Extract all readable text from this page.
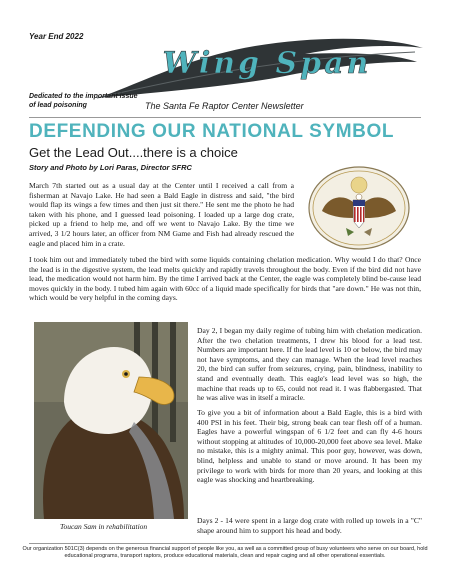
Year End 2022
Wing Span
Dedicated to the important issue of lead poisoning	The Santa Fe Raptor Center Newsletter
DEFENDING OUR NATIONAL SYMBOL
Get the Lead Out....there is a choice
Story and Photo by Lori Paras, Director SFRC

March 7th started out as a usual day at the Center until I received a call from a fisherman at Navajo Lake. He had seen a Bald Eagle in distress and said, "the bird would flap its wings a few times and then just sit there." He sent me the photo he had taken with his phone, and I guessed lead poisoning. I loaded up a large dog crate, picked up a friend to help me, and off we went to Navajo Lake. By the time we arrived, 3 1/2 hours later, an officer from NM Game and Fish had already rescued the eagle and placed him in a crate.

I took him out and immediately tubed the bird with some liquids containing chelation medication. Why would I do that? Once the lead is in the digestive system, the lead melts quickly and rapidly travels throughout the body. Even if the bird did not have lead, the medication would not harm him. By the time I arrived back at the Center, the eagle was completely blind be-cause lead moves quickly in the body. I tubed him again with 60cc of a liquid made specifically for birds that "are down." He was not thin, which would be very helpful in the coming days.

Toucan Sam in rehabilitation

Day 2, I began my daily regime of tubing him with chelation medication. After the two chelation treatments, I drew his blood for a lead test. Numbers are important here. If the lead level is 10 or below, the bird may not have symptoms, and they can manage. When the lead level reaches 20, the bird can suffer from seizures, crying, pain, blindness, inability to stand and eventually death. This eagle's lead level was so high, the machine that reads up to 65, could not read it. I was flabbergasted. That he was alive was in itself a miracle.

To give you a bit of information about a Bald Eagle, this is a bird with 400 PSI in his feet. Their big, strong beak can tear flesh off of a human. Eagles have a powerful wingspan of 6 1/2 feet and can fly 4-6 hours without stopping at altitudes of 10,000-20,000 feet above sea level. Make no mistake, this is a mighty animal. This poor guy, however, was down, blind, helpless and unable to stand or move around. It has been my privilege to work with birds for more than 20 years, and looking at this eagle was shocking and heartbreaking.

Days 2 - 14 were spent in a large dog crate with rolled up towels in a "C" shape around him to support his head and body.

Our organization 501C(3) depends on the generous financial support of people like you, as well as a committed group of busy volunteers who serve on our board, hold educational programs, transport raptors, produce educational materials, clean and repair caging and all other operational essentials.
